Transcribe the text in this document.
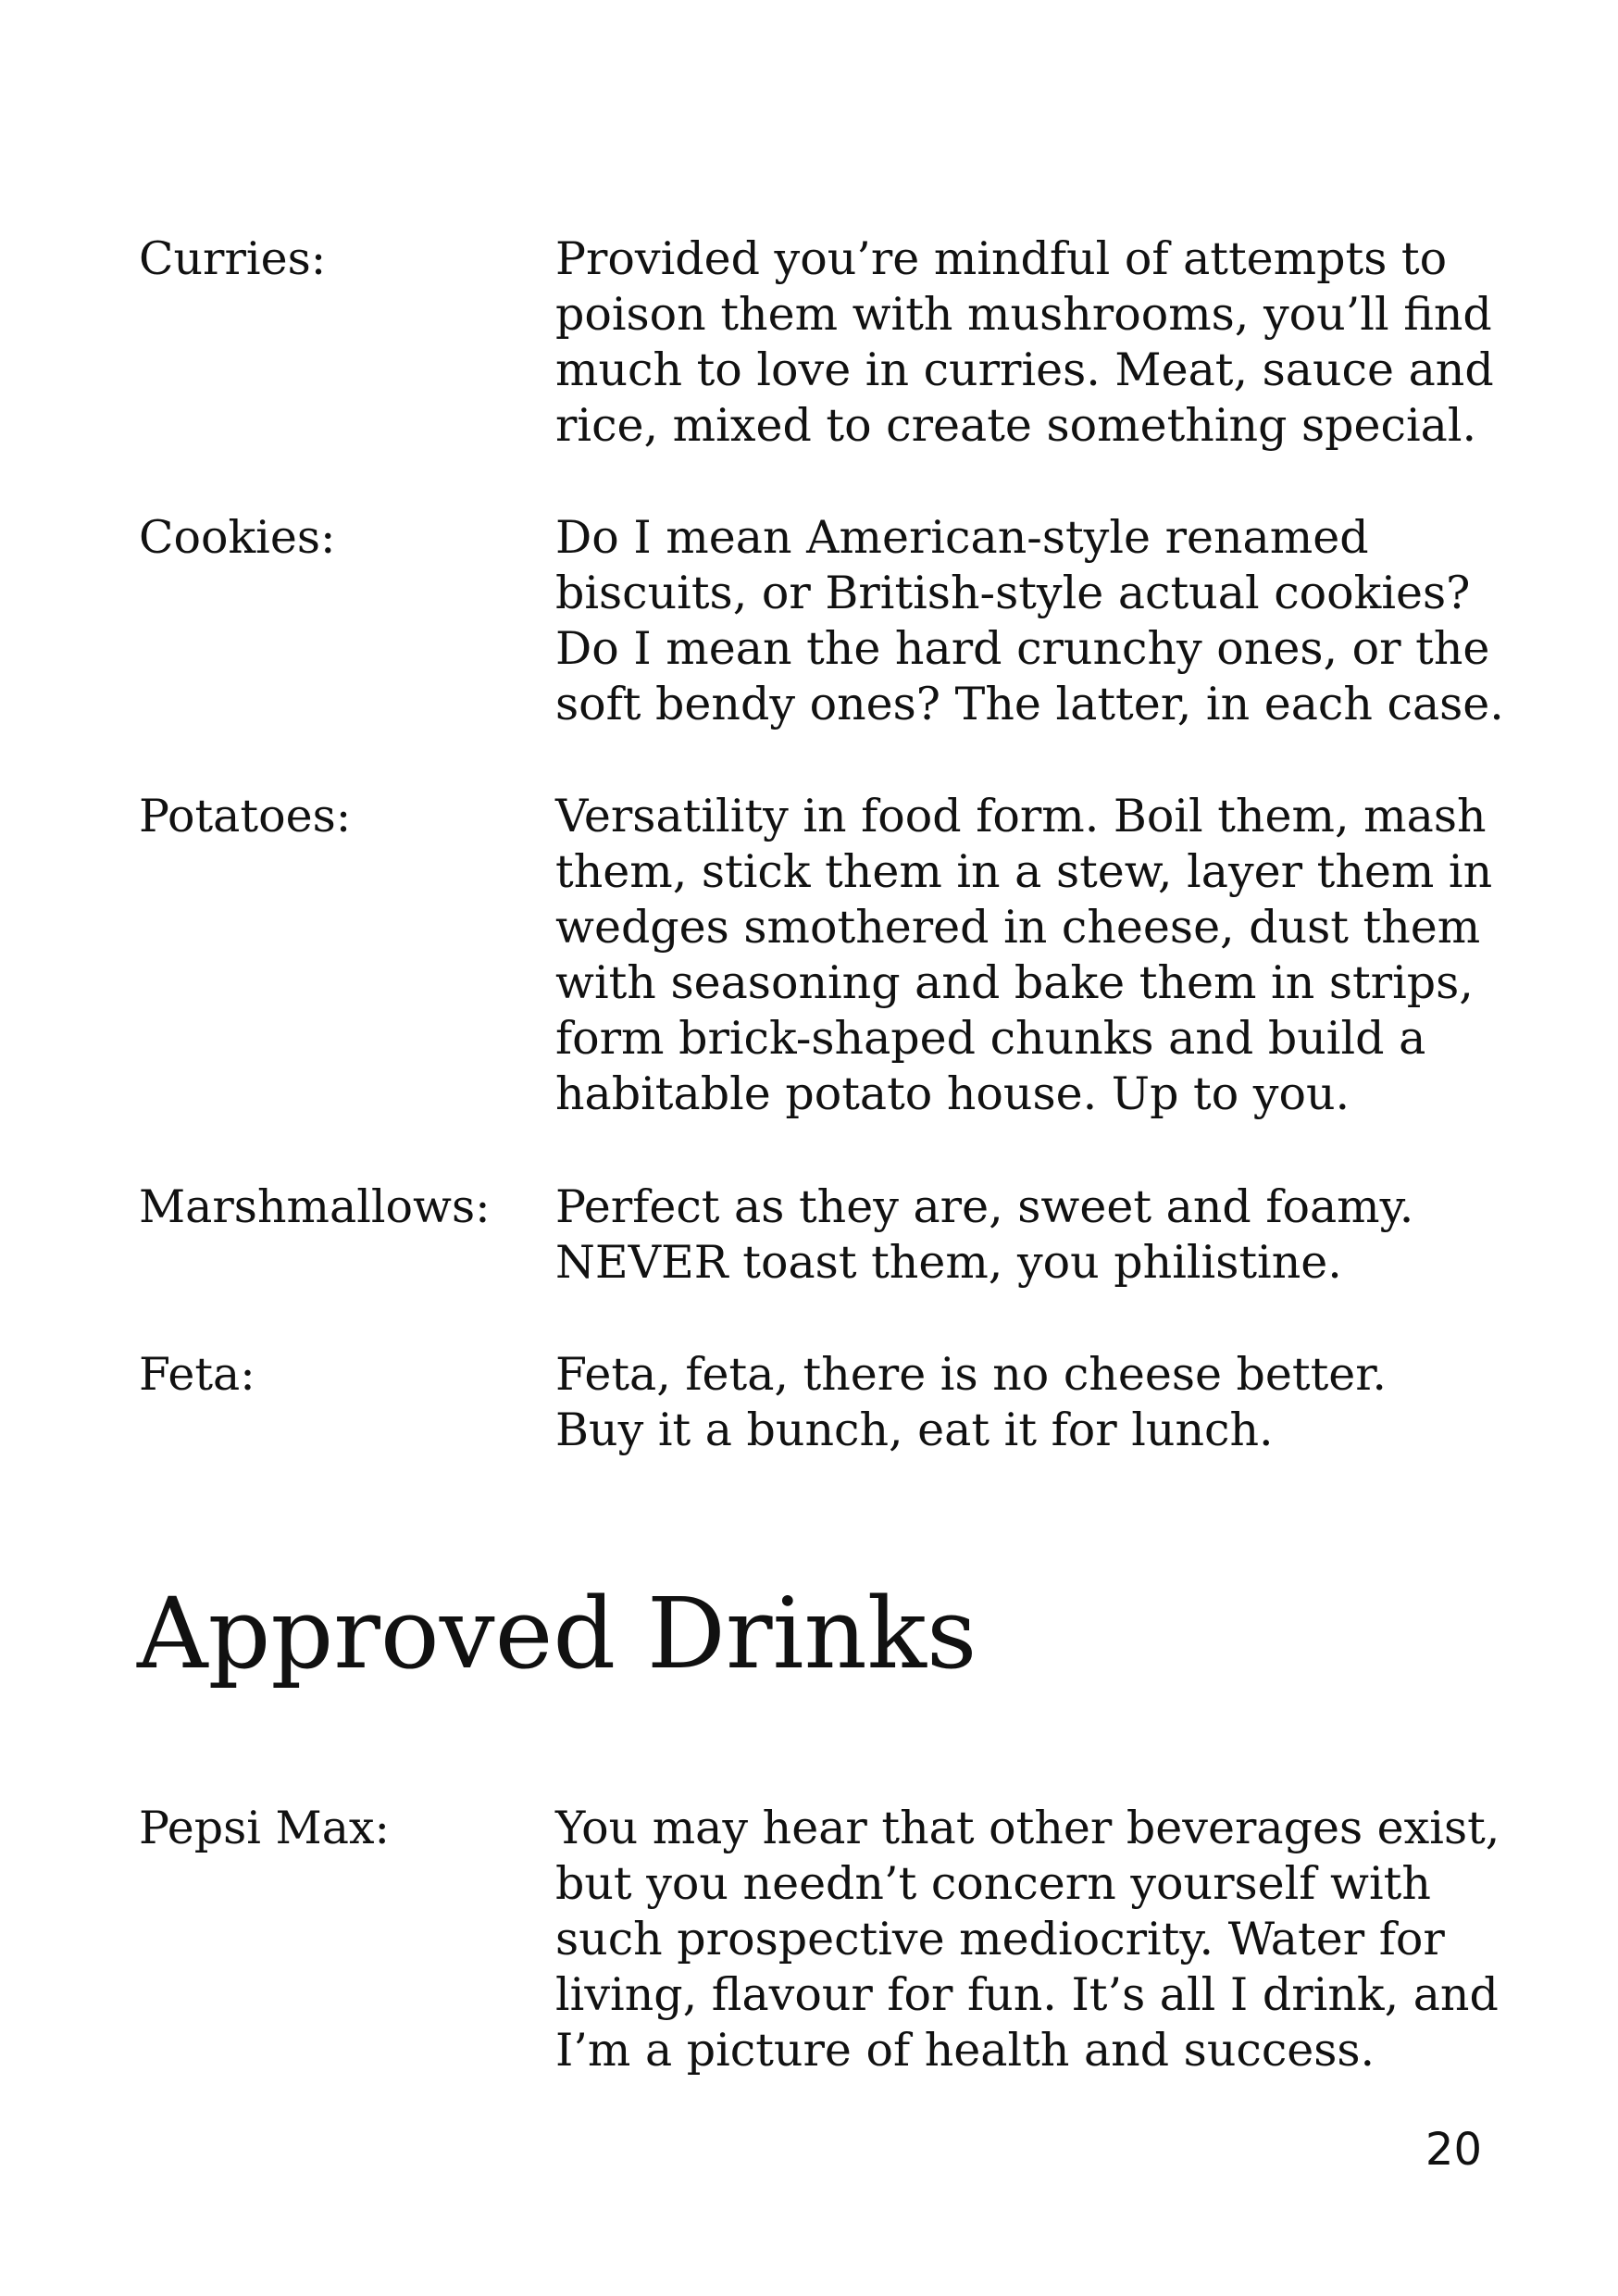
Curries:	Provided you’re mindful of attempts to
poison them with mushrooms, you’ll find
much to love in curries. Meat, sauce and
rice, mixed to create something special.
Cookies:	Do I mean American-style renamed
biscuits, or British-style actual cookies?
Do I mean the hard crunchy ones, or the
soft bendy ones? The latter, in each case.
Potatoes:	Versatility in food form. Boil them, mash
them, stick them in a stew, layer them in
wedges smothered in cheese, dust them
with seasoning and bake them in strips,
form brick-shaped chunks and build a
habitable potato house. Up to you.
Marshmallows: Perfect as they are, sweet and foamy.
NEVER toast them, you philistine.
Feta:	Feta, feta, there is no cheese better.
Buy it a bunch, eat it for lunch.
Approved Drinks
Pepsi Max:	You may hear that other beverages exist,
but you needn’t concern yourself with
such prospective mediocrity. Water for
living, flavour for fun. It’s all I drink, and
I’m a picture of health and success.
20
